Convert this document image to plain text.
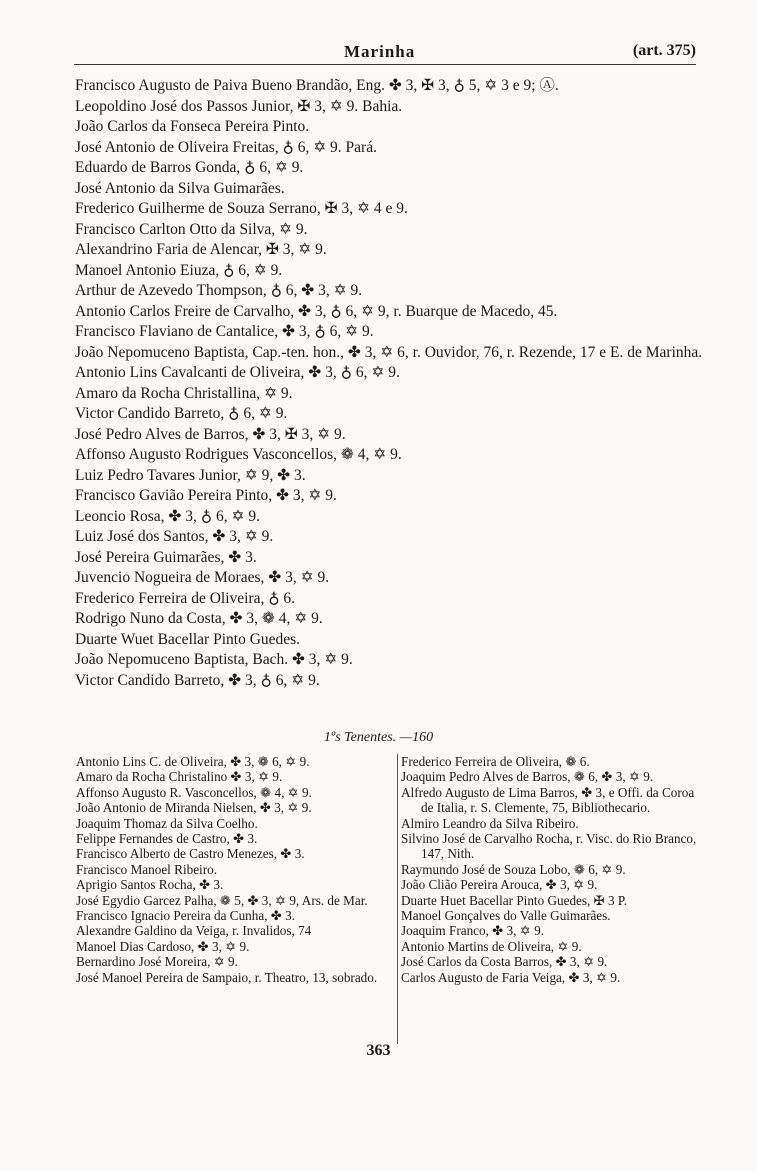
Marinha	(art. 375)
Francisco Augusto de Paiva Bueno Brandão, Eng. ✤ 3, ✠ 3, ♁ 5, ✡ 3 e 9; Ⓐ.
Leopoldino José dos Passos Junior, ✠ 3, ✡ 9. Bahia.
João Carlos da Fonseca Pereira Pinto.
José Antonio de Oliveira Freitas, ♁ 6, ✡ 9. Pará.
Eduardo de Barros Gonda, ♁ 6, ✡ 9.
José Antonio da Silva Guimarães.
Frederico Guilherme de Souza Serrano, ✠ 3, ✡ 4 e 9.
Francisco Carlton Otto da Silva, ✡ 9.
Alexandrino Faria de Alencar, ✠ 3, ✡ 9.
Manoel Antonio Eiuza, ♁ 6, ✡ 9.
Arthur de Azevedo Thompson, ♁ 6, ✤ 3, ✡ 9.
Antonio Carlos Freire de Carvalho, ✤ 3, ♁ 6, ✡ 9, r. Buarque de Macedo, 45.
Francisco Flaviano de Cantalice, ✤ 3, ♁ 6, ✡ 9.
João Nepomuceno Baptista, Cap.-ten. hon., ✤ 3, ✡ 6, r. Ouvidor, 76, r. Rezende, 17 e E. de Marinha.
Antonio Lins Cavalcanti de Oliveira, ✤ 3, ♁ 6, ✡ 9.
Amaro da Rocha Christallina, ✡ 9.
Victor Candido Barreto, ♁ 6, ✡ 9.
José Pedro Alves de Barros, ✤ 3, ✠ 3, ✡ 9.
Affonso Augusto Rodrigues Vasconcellos, ❁ 4, ✡ 9.
Luiz Pedro Tavares Junior, ✡ 9, ✤ 3.
Francisco Gavião Pereira Pinto, ✤ 3, ✡ 9.
Leoncio Rosa, ✤ 3, ♁ 6, ✡ 9.
Luiz José dos Santos, ✤ 3, ✡ 9.
José Pereira Guimarães, ✤ 3.
Juvencio Nogueira de Moraes, ✤ 3, ✡ 9.
Frederico Ferreira de Oliveira, ♁ 6.
Rodrigo Nuno da Costa, ✤ 3, ❁ 4, ✡ 9.
Duarte Wuet Bacellar Pinto Guedes.
João Nepomuceno Baptista, Bach. ✤ 3, ✡ 9.
Victor Candido Barreto, ✤ 3, ♁ 6, ✡ 9.
1ºs Tenentes. —160
Antonio Lins C. de Oliveira, ✤ 3, ❁ 6, ✡ 9.
Amaro da Rocha Christalino ✤ 3, ✡ 9.
Affonso Augusto R. Vasconcellos, ❁ 4, ✡ 9.
João Antonio de Miranda Nielsen, ✤ 3, ✡ 9.
Joaquim Thomaz da Silva Coelho.
Felippe Fernandes de Castro, ✤ 3.
Francisco Alberto de Castro Menezes, ✤ 3.
Francisco Manoel Ribeiro.
Aprigio Santos Rocha, ✤ 3.
José Egydio Garcez Palha, ❁ 5, ✤ 3, ✡ 9, Ars. de Mar.
Francisco Ignacio Pereira da Cunha, ✤ 3.
Alexandre Galdino da Veiga, r. Invalidos, 74
Manoel Dias Cardoso, ✤ 3, ✡ 9.
Bernardino José Moreira, ✡ 9.
José Manoel Pereira de Sampaio, r. Theatro, 13, sobrado.
Frederico Ferreira de Oliveira, ❁ 6.
Joaquim Pedro Alves de Barros, ❁ 6, ✤ 3, ✡ 9.
Alfredo Augusto de Lima Barros, ✤ 3, e Offi. da Coroa de Italia, r. S. Clemente, 75, Bibliothecario.
Almiro Leandro da Silva Ribeiro.
Silvino José de Carvalho Rocha, r. Visc. do Rio Branco, 147, Nith.
Raymundo José de Souza Lobo, ❁ 6, ✡ 9.
João Clião Pereira Arouca, ✤ 3, ✡ 9.
Duarte Huet Bacellar Pinto Guedes, ✠ 3 P.
Manoel Gonçalves do Valle Guimarães.
Joaquim Franco, ✤ 3, ✡ 9.
Antonio Martins de Oliveira, ✡ 9.
José Carlos da Costa Barros, ✤ 3, ✡ 9.
Carlos Augusto de Faria Veiga, ✤ 3, ✡ 9.
363
